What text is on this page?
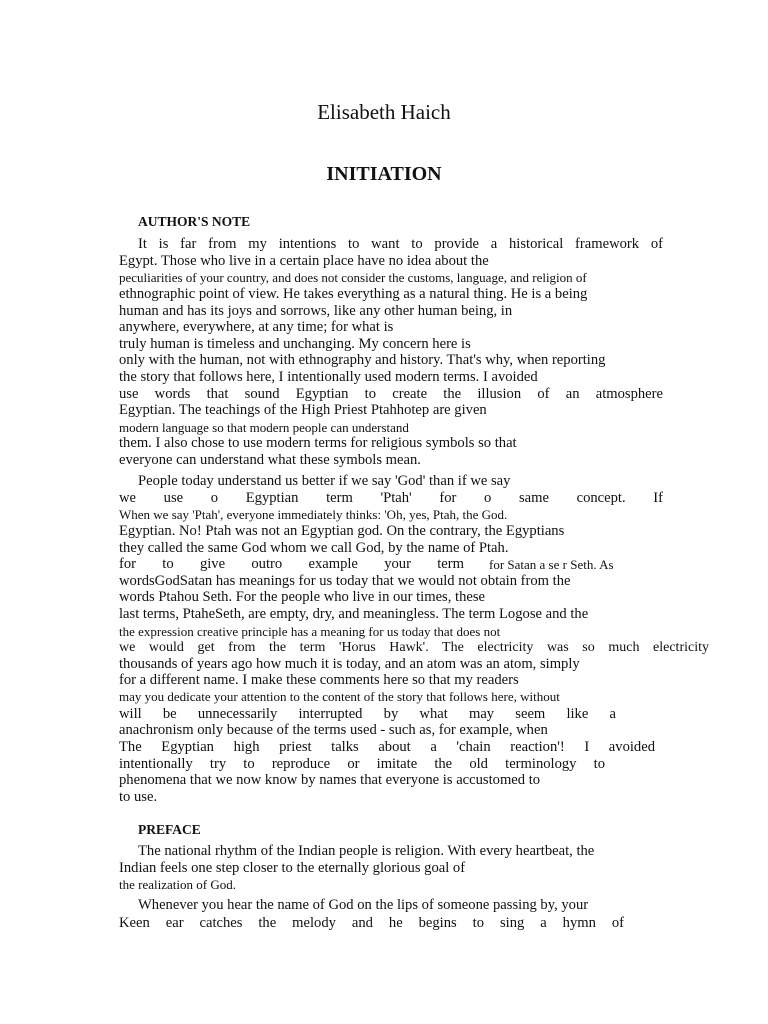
Elisabeth Haich
INITIATION
AUTHOR'S NOTE
It is far from my intentions to want to provide a historical framework of
Egypt. Those who live in a certain place have no idea about the
peculiarities of your country, and does not consider the customs, language, and religion of
ethnographic point of view. He takes everything as a natural thing. He is a being
human and has its joys and sorrows, like any other human being, in
anywhere, everywhere, at any time; for what is
truly human is timeless and unchanging. My concern here is
only with the human, not with ethnography and history. That's why, when reporting
the story that follows here, I intentionally used modern terms. I avoided
use words that sound Egyptian to create the illusion of an atmosphere
Egyptian. The teachings of the High Priest Ptahhotep are given
modern language so that modern people can understand
them. I also chose to use modern terms for religious symbols so that
everyone can understand what these symbols mean.
People today understand us better if we say 'God' than if we say
we use o Egyptian term 'Ptah' for o same concept. If
When we say 'Ptah', everyone immediately thinks: 'Oh, yes, Ptah, the God.
Egyptian. No! Ptah was not an Egyptian god. On the contrary, the Egyptians
they called the same God whom we call God, by the name of Ptah.
for to give outro example your term for Satan a se r Seth. As
wordsGodSatan has meanings for us today that we would not obtain from the
words Ptahou Seth. For the people who live in our times, these
last terms, PtaheSeth, are empty, dry, and meaningless. The term Logose and the
the expression creative principle has a meaning for us today that does not
we would get from the term 'Horus Hawk'. The electricity was so much electricity
thousands of years ago how much it is today, and an atom was an atom, simply
for a different name. I make these comments here so that my readers
may you dedicate your attention to the content of the story that follows here, without
will be unnecessarily interrupted by what may seem like a
anachronism only because of the terms used - such as, for example, when
The Egyptian high priest talks about a 'chain reaction'! I avoided
intentionally try to reproduce or imitate the old terminology to
phenomena that we now know by names that everyone is accustomed to
to use.
PREFACE
The national rhythm of the Indian people is religion. With every heartbeat, the
Indian feels one step closer to the eternally glorious goal of
the realization of God.
Whenever you hear the name of God on the lips of someone passing by, your
Keen ear catches the melody and he begins to sing a hymn of
